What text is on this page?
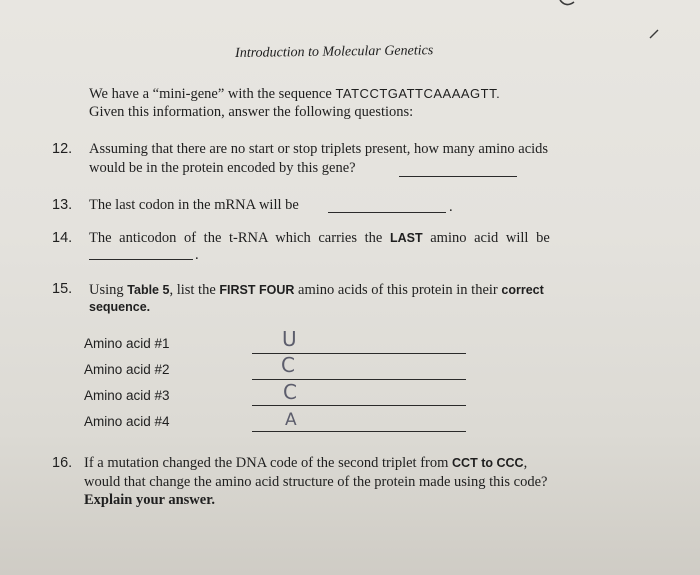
Introduction to Molecular Genetics
We have a “mini-gene” with the sequence TATCCTGATTCAAAAGTT.
Given this information, answer the following questions:
12. Assuming that there are no start or stop triplets present, how many amino acids
would be in the protein encoded by this gene?
13. The last codon in the mRNA will be	.
14. The anticodon of the t-RNA which carries the LAST amino acid will be
.
15. Using Table 5, list the FIRST FOUR amino acids of this protein in their correct
sequence.
Amino acid #1	U
Amino acid #2	C
Amino acid #3	C
Amino acid #4	A
16. If a mutation changed the DNA code of the second triplet from CCT to CCC,
would that change the amino acid structure of the protein made using this code?
Explain your answer.
